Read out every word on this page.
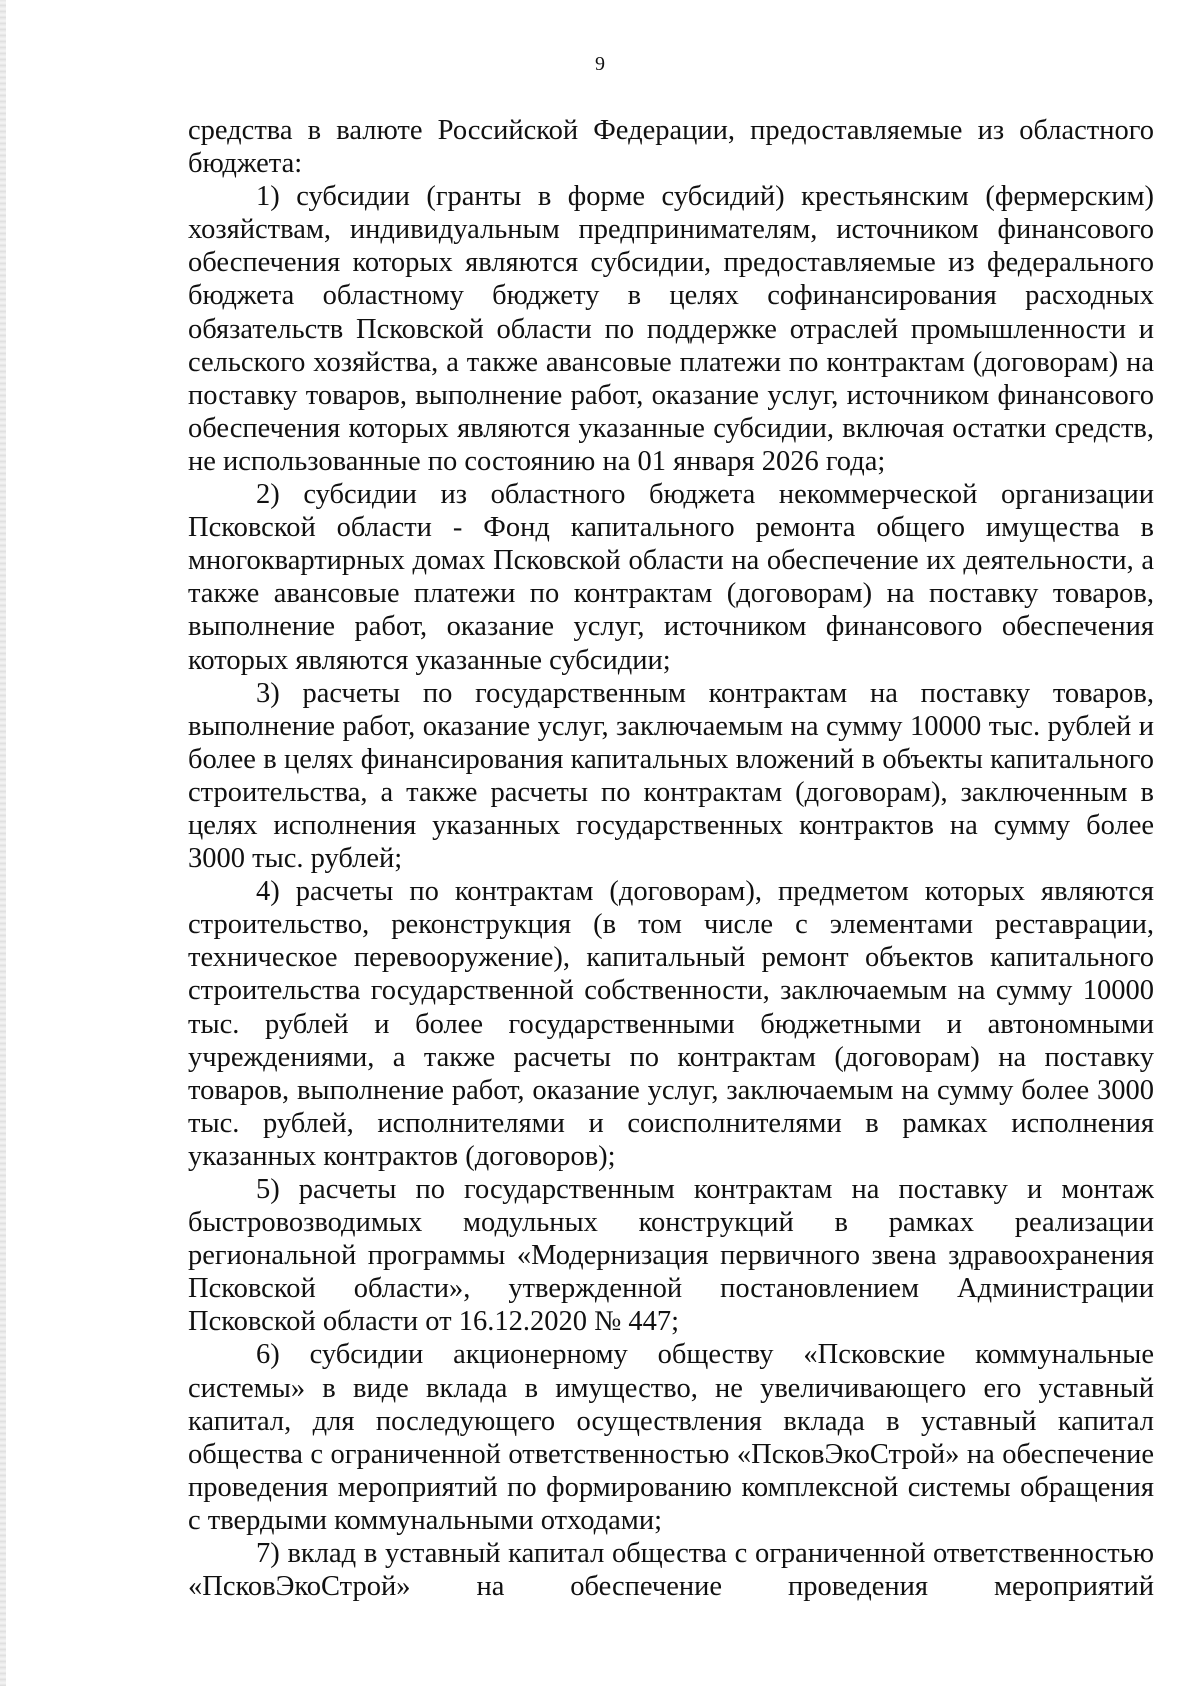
9

средства в валюте Российской Федерации, предоставляемые из областного бюджета:

1) субсидии (гранты в форме субсидий) крестьянским (фермерским) хозяйствам, индивидуальным предпринимателям, источником финансового обеспечения которых являются субсидии, предоставляемые из федерального бюджета областному бюджету в целях софинансирования расходных обязательств Псковской области по поддержке отраслей промышленности и сельского хозяйства, а также авансовые платежи по контрактам (договорам) на поставку товаров, выполнение работ, оказание услуг, источником финансового обеспечения которых являются указанные субсидии, включая остатки средств, не использованные по состоянию на 01 января 2026 года;

2) субсидии из областного бюджета некоммерческой организации Псковской области - Фонд капитального ремонта общего имущества в многоквартирных домах Псковской области на обеспечение их деятельности, а также авансовые платежи по контрактам (договорам) на поставку товаров, выполнение работ, оказание услуг, источником финансового обеспечения которых являются указанные субсидии;

3) расчеты по государственным контрактам на поставку товаров, выполнение работ, оказание услуг, заключаемым на сумму 10000 тыс. рублей и более в целях финансирования капитальных вложений в объекты капитального строительства, а также расчеты по контрактам (договорам), заключенным в целях исполнения указанных государственных контрактов на сумму более 3000 тыс. рублей;

4) расчеты по контрактам (договорам), предметом которых являются строительство, реконструкция (в том числе с элементами реставрации, техническое перевооружение), капитальный ремонт объектов капитального строительства государственной собственности, заключаемым на сумму 10000 тыс. рублей и более государственными бюджетными и автономными учреждениями, а также расчеты по контрактам (договорам) на поставку товаров, выполнение работ, оказание услуг, заключаемым на сумму более 3000 тыс. рублей, исполнителями и соисполнителями в рамках исполнения указанных контрактов (договоров);

5) расчеты по государственным контрактам на поставку и монтаж быстровозводимых модульных конструкций в рамках реализации региональной программы «Модернизация первичного звена здравоохранения Псковской области», утвержденной постановлением Администрации Псковской области от 16.12.2020 № 447;

6) субсидии акционерному обществу «Псковские коммунальные системы» в виде вклада в имущество, не увеличивающего его уставный капитал, для последующего осуществления вклада в уставный капитал общества с ограниченной ответственностью «ПсковЭкоСтрой» на обеспечение проведения мероприятий по формированию комплексной системы обращения с твердыми коммунальными отходами;

7) вклад в уставный капитал общества с ограниченной ответственностью «ПсковЭкоСтрой» на обеспечение проведения мероприятий
